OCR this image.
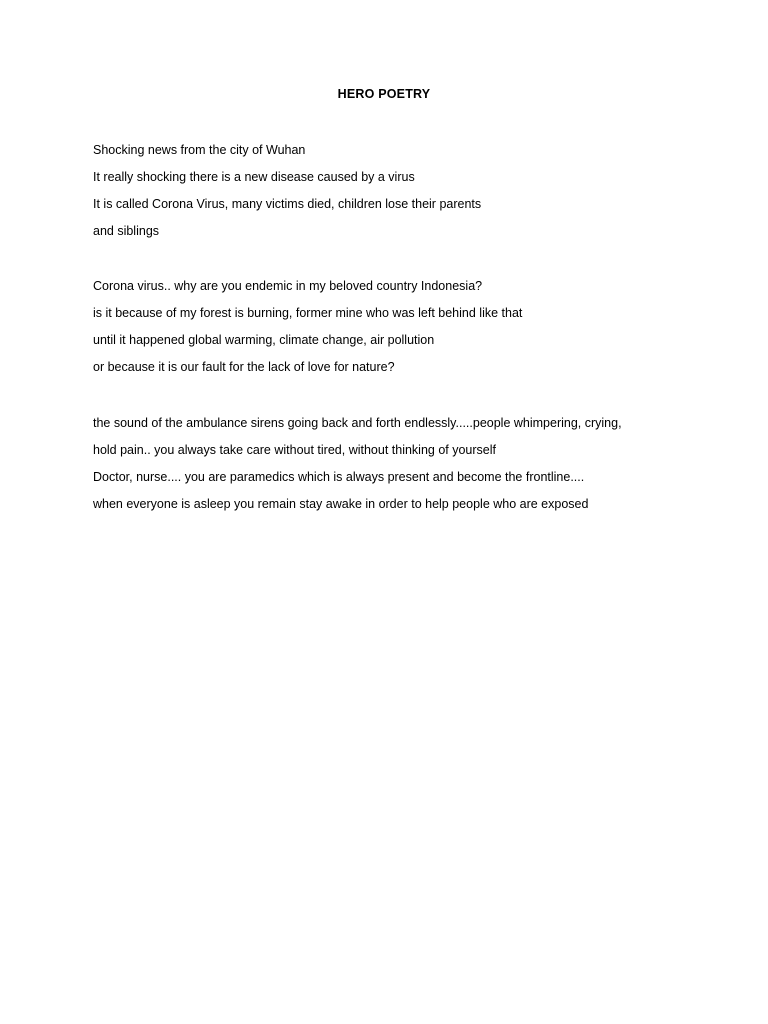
HERO POETRY
Shocking news from the city of Wuhan
It really shocking there is a new disease caused by a virus
It is called Corona Virus, many victims died, children lose their parents
and siblings
Corona virus.. why are you endemic in my beloved country Indonesia?
is it because of my forest is burning, former mine who was left behind like that
until it happened global warming, climate change, air pollution
or because it is our fault for the lack of love for nature?
the sound of the ambulance sirens going back and forth endlessly.....people whimpering, crying,
hold pain.. you always take care without tired, without thinking of yourself
Doctor, nurse.... you are paramedics which is always present and become the frontline....
when everyone is asleep you remain stay awake in order to help people who are exposed
